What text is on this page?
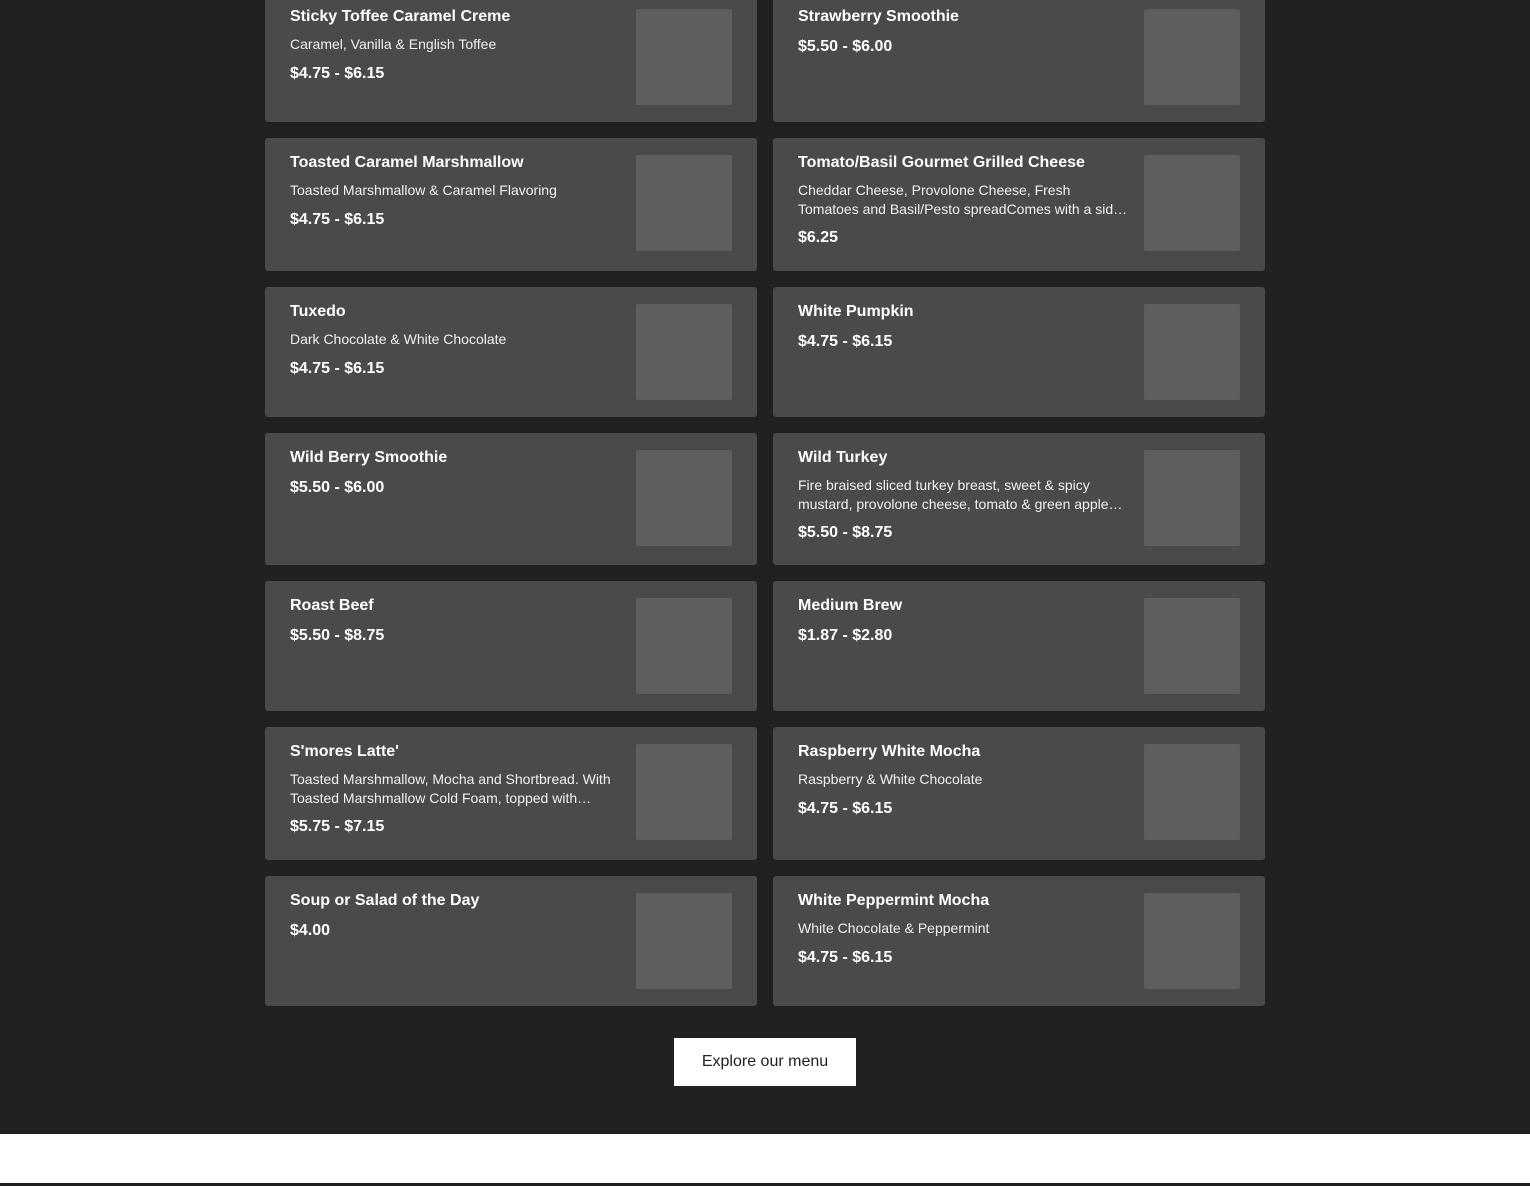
Sticky Toffee Caramel Creme
Caramel, Vanilla & English Toffee
$4.75 - $6.15
Strawberry Smoothie
$5.50 - $6.00
Toasted Caramel Marshmallow
Toasted Marshmallow & Caramel Flavoring
$4.75 - $6.15
Tomato/Basil Gourmet Grilled Cheese
Cheddar Cheese, Provolone Cheese, Fresh Tomatoes and Basil/Pesto spreadComes with a side
$6.25
Tuxedo
Dark Chocolate & White Chocolate
$4.75 - $6.15
White Pumpkin
$4.75 - $6.15
Wild Berry Smoothie
$5.50 - $6.00
Wild Turkey
Fire braised sliced turkey breast, sweet & spicy mustard, provolone cheese, tomato & green apple
$5.50 - $8.75
Roast Beef
$5.50 - $8.75
Medium Brew
$1.87 - $2.80
S'mores Latte'
Toasted Marshmallow, Mocha and Shortbread. With Toasted Marshmallow Cold Foam, topped with
$5.75 - $7.15
Raspberry White Mocha
Raspberry & White Chocolate
$4.75 - $6.15
Soup or Salad of the Day
$4.00
White Peppermint Mocha
White Chocolate & Peppermint
$4.75 - $6.15
Explore our menu
